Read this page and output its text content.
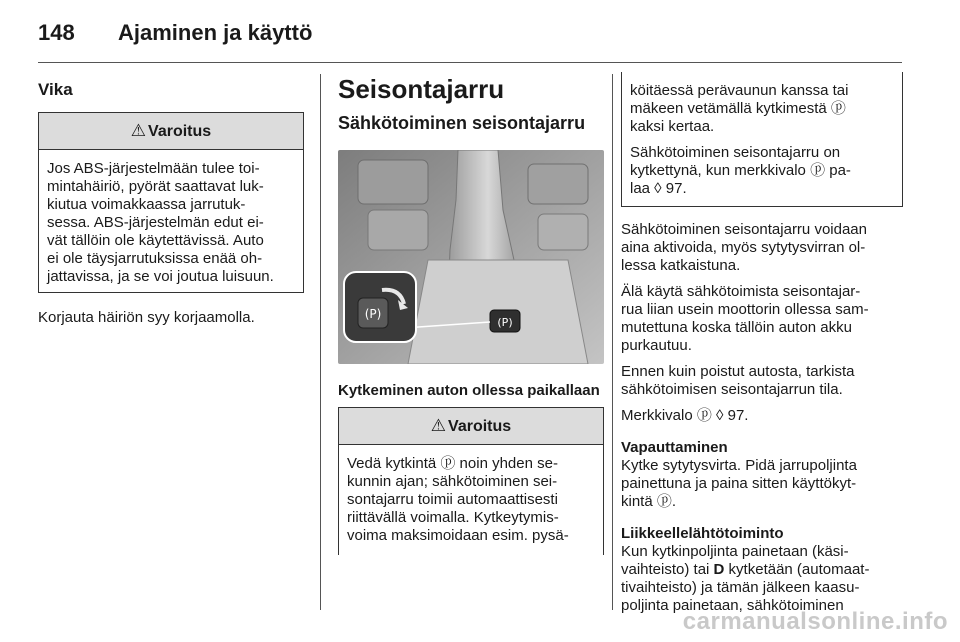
148 Ajaminen ja käyttö
Vika
⚠ Varoitus
Jos ABS-järjestelmään tulee toi-
mintahäiriö, pyörät saattavat luk-
kiutua voimakkaassa jarrutuk-
sessa. ABS-järjestelmän edut ei-
vät tällöin ole käytettävissä. Auto
ei ole täysjarrutuksissa enää oh-
jattavissa, ja se voi joutua luisuun.

Korjauta häiriön syy korjaamolla.

Seisontajarru
Sähkötoiminen seisontajarru
(P)
(P)
Kytkeminen auton ollessa paikallaan
⚠ Varoitus
Vedä kytkintä ⓟ noin yhden se-
kunnin ajan; sähkötoiminen sei-
sontajarru toimii automaattisesti
riittävällä voimalla. Kytkeytymis-
voima maksimoidaan esim. pysä-

köitäessä perävaunun kanssa tai
mäkeen vetämällä kytkimestä ⓟ
kaksi kertaa.

Sähkötoiminen seisontajarru on
kytkettynä, kun merkkivalo ⓟ pa-
laa ◊ 97.

Sähkötoiminen seisontajarru voidaan
aina aktivoida, myös sytytysvirran ol-
lessa katkaistuna.

Älä käytä sähkötoimista seisontajar-
rua liian usein moottorin ollessa sam-
mutettuna koska tällöin auton akku
purkautuu.

Ennen kuin poistut autosta, tarkista
sähkötoimisen seisontajarrun tila.

Merkkivalo ⓟ ◊ 97.

Vapauttaminen
Kytke sytytysvirta. Pidä jarrupoljinta
painettuna ja paina sitten käyttökyt-
kintä ⓟ.

Liikkeellelähtötoiminto
Kun kytkinpoljinta painetaan (käsi-
vaihteisto) tai D kytketään (automaat-
tivaihteisto) ja tämän jälkeen kaasu-
poljinta painetaan, sähkötoiminen

carmanualsonline.info
